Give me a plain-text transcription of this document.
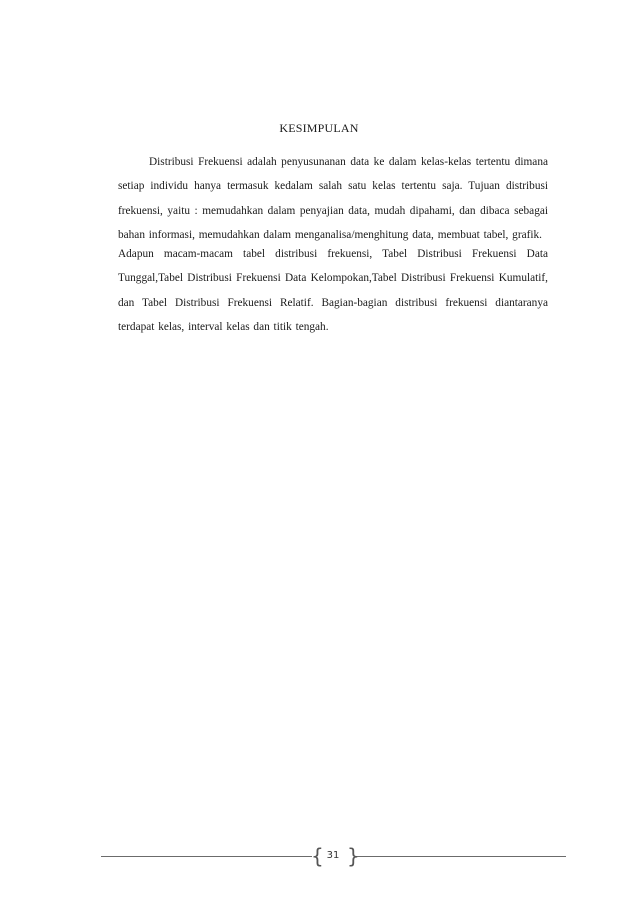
KESIMPULAN

Distribusi Frekuensi adalah penyusunanan data ke dalam kelas-kelas tertentu dimana setiap individu hanya termasuk kedalam salah satu kelas tertentu saja. Tujuan distribusi frekuensi, yaitu : memudahkan dalam penyajian data, mudah dipahami, dan dibaca sebagai bahan informasi, memudahkan dalam menganalisa/menghitung data, membuat tabel, grafik.

Adapun macam-macam tabel distribusi frekuensi, Tabel Distribusi Frekuensi Data Tunggal,Tabel Distribusi Frekuensi Data Kelompokan,Tabel Distribusi Frekuensi Kumulatif, dan Tabel Distribusi Frekuensi Relatif. Bagian-bagian distribusi frekuensi diantaranya terdapat kelas, interval kelas dan titik tengah.

{ }
31
